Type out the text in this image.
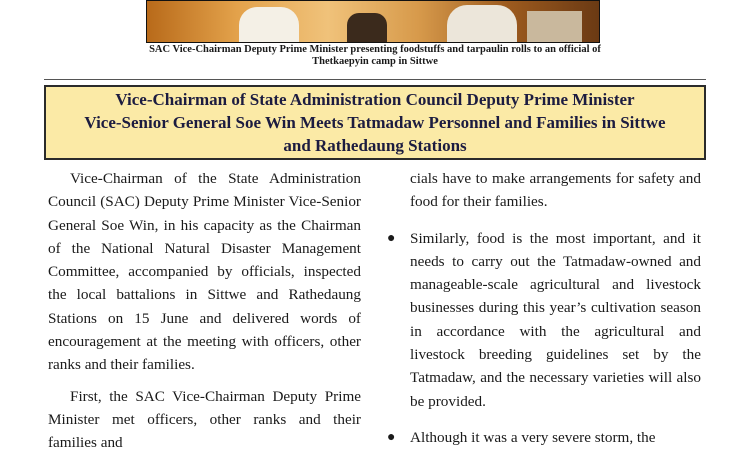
SAC Vice-Chairman Deputy Prime Minister presenting foodstuffs and tarpaulin rolls to an official of
Thetkaepyin camp in Sittwe
Vice-Chairman of State Administration Council Deputy Prime Minister
Vice-Senior General Soe Win Meets Tatmadaw Personnel and Families in Sittwe
and Rathedaung Stations

Vice-Chairman of the State Administration Council (SAC) Deputy Prime Minister Vice-Senior General Soe Win, in his capacity as the Chairman of the National Natural Disaster Management Committee, accompanied by officials, inspected the local battalions in Sittwe and Rathedaung Stations on 15 June and delivered words of encouragement at the meeting with officers, other ranks and their families.

First, the SAC Vice-Chairman Deputy Prime Minister met officers, other ranks and their families and

cials have to make arrangements for safety and food for their families.

● Similarly, food is the most important, and it needs to carry out the Tatmadaw-owned and manageable-scale agricultural and livestock businesses during this year’s cultivation season in accordance with the agricultural and livestock breeding guidelines set by the Tatmadaw, and the necessary varieties will also be provided.
● Although it was a very severe storm, the
